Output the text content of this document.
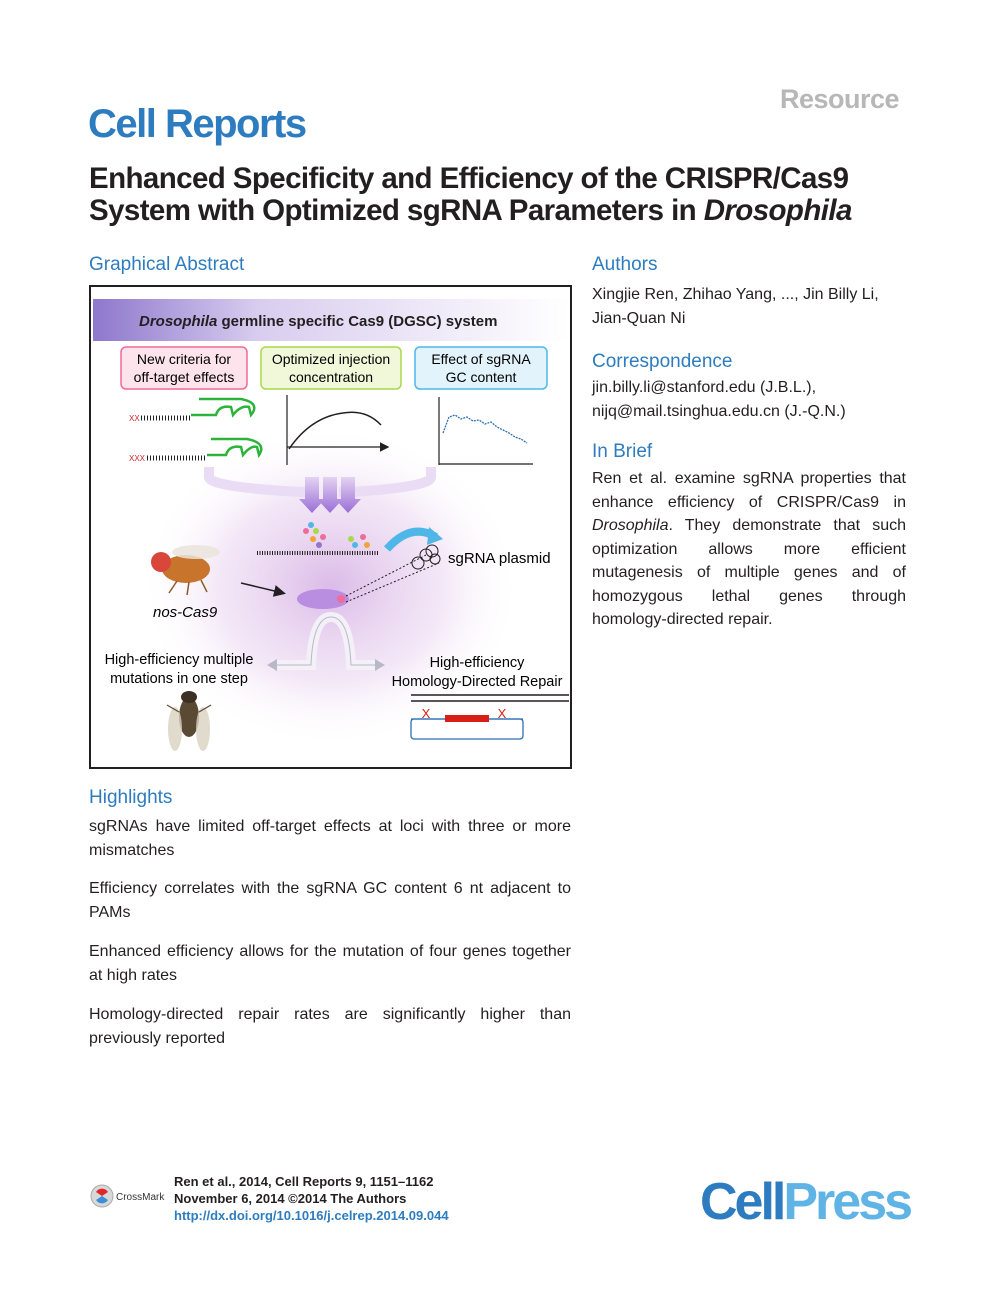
Resource
Cell Reports
Enhanced Specificity and Efficiency of the CRISPR/Cas9
System with Optimized sgRNA Parameters in Drosophila
Graphical Abstract
Drosophila germline specific Cas9 (DGSC) system
New criteria for
off-target effects
Optimized injection
concentration
Effect of sgRNA
GC content
XX
XXX
sgRNA plasmid
nos-Cas9
High-efficiency multiple
mutations in one step
High-efficiency
Homology-Directed Repair
X	X
Highlights
sgRNAs have limited off-target effects at loci with three or more mismatches
Efficiency correlates with the sgRNA GC content 6 nt adjacent to PAMs
Enhanced efficiency allows for the mutation of four genes together at high rates
Homology-directed repair rates are significantly higher than previously reported
Authors
Xingjie Ren, Zhihao Yang, ..., Jin Billy Li,
Jian-Quan Ni
Correspondence
jin.billy.li@stanford.edu (J.B.L.),
nijq@mail.tsinghua.edu.cn (J.-Q.N.)
In Brief
Ren et al. examine sgRNA properties that enhance efficiency of CRISPR/Cas9 in Drosophila. They demonstrate that such optimization allows more efficient mutagenesis of multiple genes and of homozygous lethal genes through homology-directed repair.
CrossMark
Ren et al., 2014, Cell Reports 9, 1151–1162
November 6, 2014 ©2014 The Authors
http://dx.doi.org/10.1016/j.celrep.2014.09.044	CellPress
